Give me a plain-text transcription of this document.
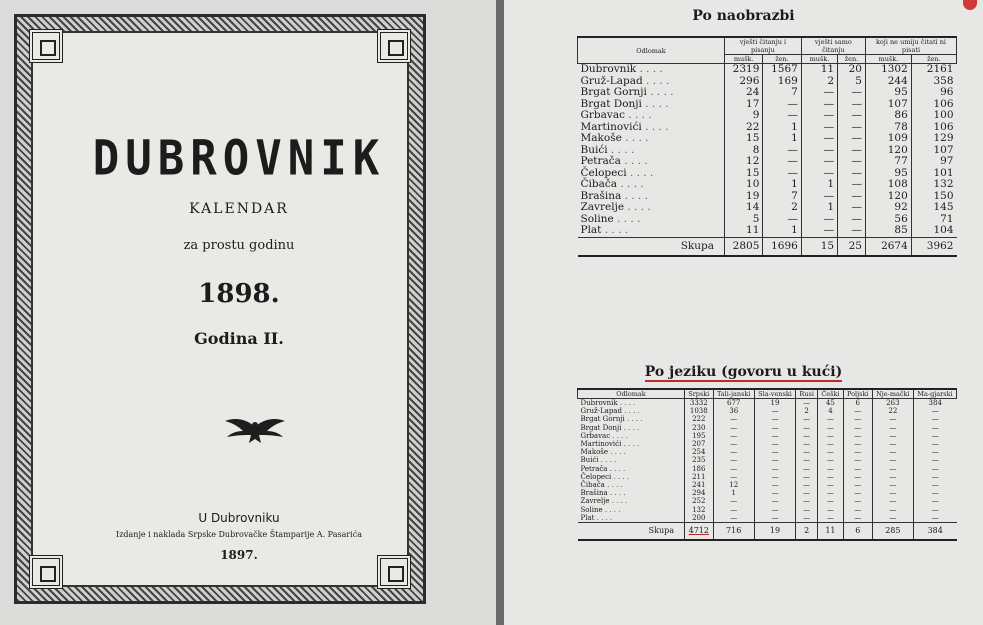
DUBROVNIK
KALENDAR
za prostu godinu
1898.
Godina II.
U Dubrovniku
Izdanje i naklada Srpske Dubrovačke Štamparije A. Pasarića
1897.
Po naobrazbi
Odlomak	vješti čitanju i pisanju		vješti samo čitanju		koji ne umiju čitati ni pisati	
	mušk.	žen.	mušk.	žen.	mušk.	žen.
Dubrovnik . . . .	2319	1567	11	20	1302	2161
Gruž-Lapad . . . .	296	169	2	5	244	358
Brgat Gornji . . . .	24	7	—	—	95	96
Brgat Donji . . . .	17	—	—	—	107	106
Grbavac . . . .	9	—	—	—	86	100
Martinovići . . . .	22	1	—	—	78	106
Makoše . . . .	15	1	—	—	109	129
Buići . . . .	8	—	—	—	120	107
Petrača . . . .	12	—	—	—	77	97
Čelopeci . . . .	15	—	—	—	95	101
Čibača . . . .	10	1	1	—	108	132
Brašina . . . .	19	7	—	—	120	150
Zavrelje . . . .	14	2	1	—	92	145
Soline . . . .	5	—	—	—	56	71
Plat . . . .	11	1	—	—	85	104
Skupa	2805	1696	15	25	2674	3962
Po jeziku (govoru u kući)
Odlomak	Srpski	Tali-janski	Sla-venski	Rusi	Češki	Poljski	Nje-mački	Ma-gjarski
Dubrovnik . . . .	3332	677	19	—	45	6	263	384
Gruž-Lapad . . . .	1038	36	—	2	4	—	22	—
Brgat Gornji . . . .	222	—	—	—	—	—	—	—
Brgat Donji . . . .	230	—	—	—	—	—	—	—
Grbavac . . . .	195	—	—	—	—	—	—	—
Martinovići . . . .	207	—	—	—	—	—	—	—
Makoše . . . .	254	—	—	—	—	—	—	—
Buići . . . .	235	—	—	—	—	—	—	—
Petrača . . . .	186	—	—	—	—	—	—	—
Čelopeci . . . .	211	—	—	—	—	—	—	—
Čibača . . . .	241	12	—	—	—	—	—	—
Brašina . . . .	294	1	—	—	—	—	—	—
Zavrelje . . . .	252	—	—	—	—	—	—	—
Soline . . . .	132	—	—	—	—	—	—	—
Plat . . . .	200	—	—	—	—	—	—	—
Skupa	4712	716	19	2	11	6	285	384
